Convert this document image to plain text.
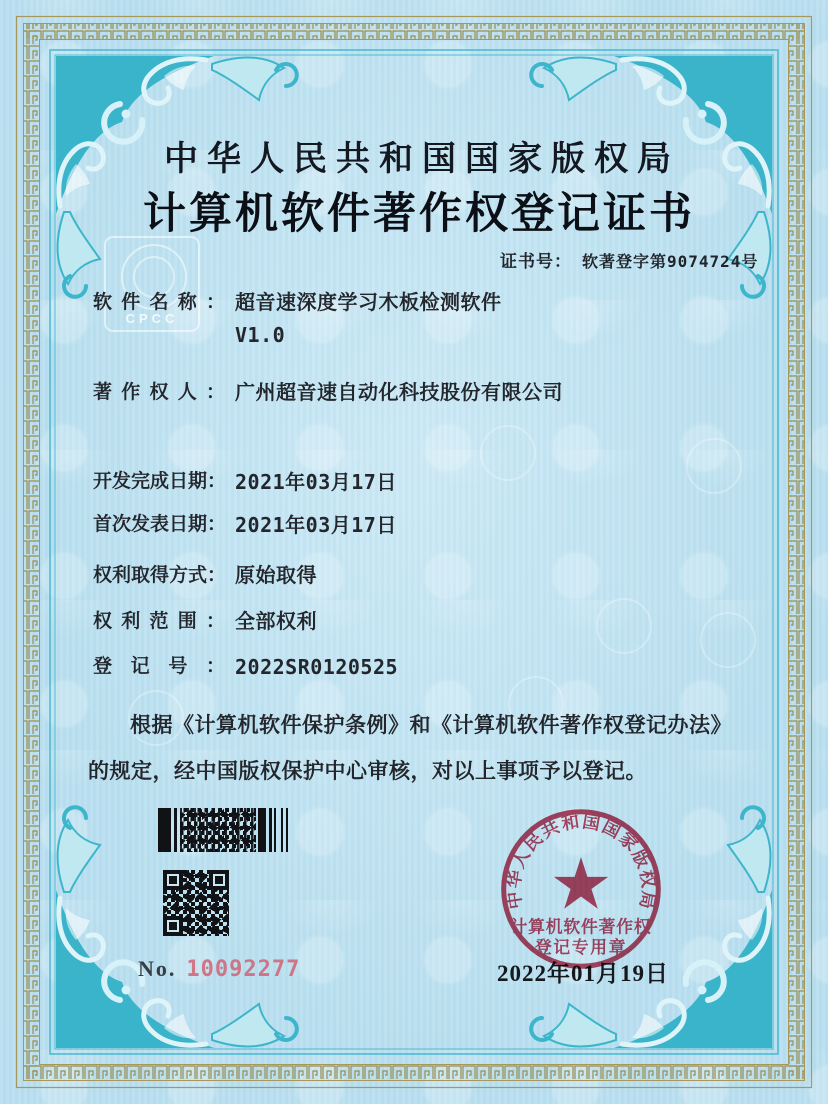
CPCC
中华人民共和国国家版权局
计算机软件著作权登记证书
证书号： 软著登字第9074724号
软件名称： 超音速深度学习木板检测软件
V1.0
著作权人： 广州超音速自动化科技股份有限公司
开发完成日期： 2021年03月17日
首次发表日期： 2021年03月17日
权利取得方式： 原始取得
权利范围： 全部权利
登记号： 2022SR0120525
根据《计算机软件保护条例》和《计算机软件著作权登记办法》的规定，经中国版权保护中心审核，对以上事项予以登记。
No. 10092277	2022年01月19日
中华人民共和国国家版权局
计算机软件著作权
登记专用章
